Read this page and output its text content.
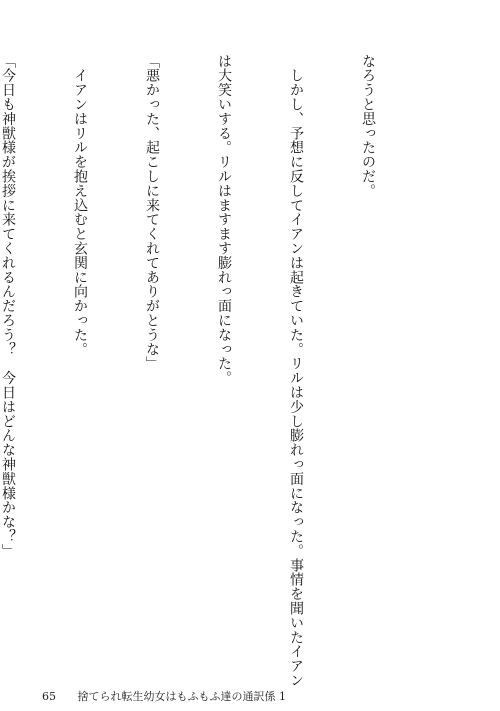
なろうと思ったのだ。

　しかし、予想に反してイアンは起きていた。リルは少し膨れっ面になった。事情を聞いたイアン

は大笑いする。リルはますます膨れっ面になった。

「悪かった、起こしに来てくれてありがとうな」

　イアンはリルを抱え込むと玄関に向かった。

「今日も神獣様が挨拶に来てくれるんだろう？　今日はどんな神獣様かな？」

65 捨てられ転生幼女はもふもふ達の通訳係 1
